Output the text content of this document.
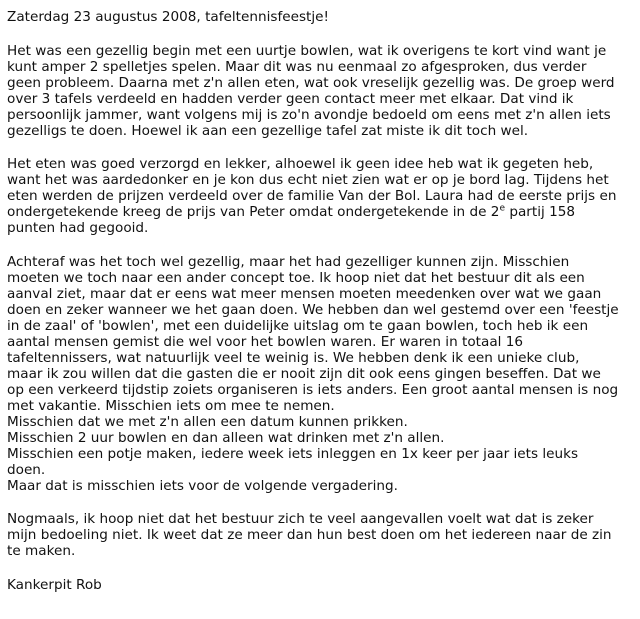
Zaterdag 23 augustus 2008, tafeltennisfeestje!
Het was een gezellig begin met een uurtje bowlen, wat ik overigens te kort vind want je
kunt amper 2 spelletjes spelen. Maar dit was nu eenmaal zo afgesproken, dus verder
geen probleem. Daarna met z'n allen eten, wat ook vreselijk gezellig was. De groep werd
over 3 tafels verdeeld en hadden verder geen contact meer met elkaar. Dat vind ik
persoonlijk jammer, want volgens mij is zo'n avondje bedoeld om eens met z'n allen iets
gezelligs te doen. Hoewel ik aan een gezellige tafel zat miste ik dit toch wel.
Het eten was goed verzorgd en lekker, alhoewel ik geen idee heb wat ik gegeten heb,
want het was aardedonker en je kon dus echt niet zien wat er op je bord lag. Tijdens het
eten werden de prijzen verdeeld over de familie Van der Bol. Laura had de eerste prijs en
ondergetekende kreeg de prijs van Peter omdat ondergetekende in de 2e partij 158
punten had gegooid.
Achteraf was het toch wel gezellig, maar het had gezelliger kunnen zijn. Misschien
moeten we toch naar een ander concept toe. Ik hoop niet dat het bestuur dit als een
aanval ziet, maar dat er eens wat meer mensen moeten meedenken over wat we gaan
doen en zeker wanneer we het gaan doen. We hebben dan wel gestemd over een 'feestje
in de zaal' of 'bowlen', met een duidelijke uitslag om te gaan bowlen, toch heb ik een
aantal mensen gemist die wel voor het bowlen waren. Er waren in totaal 16
tafeltennissers, wat natuurlijk veel te weinig is. We hebben denk ik een unieke club,
maar ik zou willen dat die gasten die er nooit zijn dit ook eens gingen beseffen. Dat we
op een verkeerd tijdstip zoiets organiseren is iets anders. Een groot aantal mensen is nog
met vakantie. Misschien iets om mee te nemen.
Misschien dat we met z'n allen een datum kunnen prikken.
Misschien 2 uur bowlen en dan alleen wat drinken met z'n allen.
Misschien een potje maken, iedere week iets inleggen en 1x keer per jaar iets leuks
doen.
Maar dat is misschien iets voor de volgende vergadering.
Nogmaals, ik hoop niet dat het bestuur zich te veel aangevallen voelt wat dat is zeker
mijn bedoeling niet. Ik weet dat ze meer dan hun best doen om het iedereen naar de zin
te maken.
Kankerpit Rob
